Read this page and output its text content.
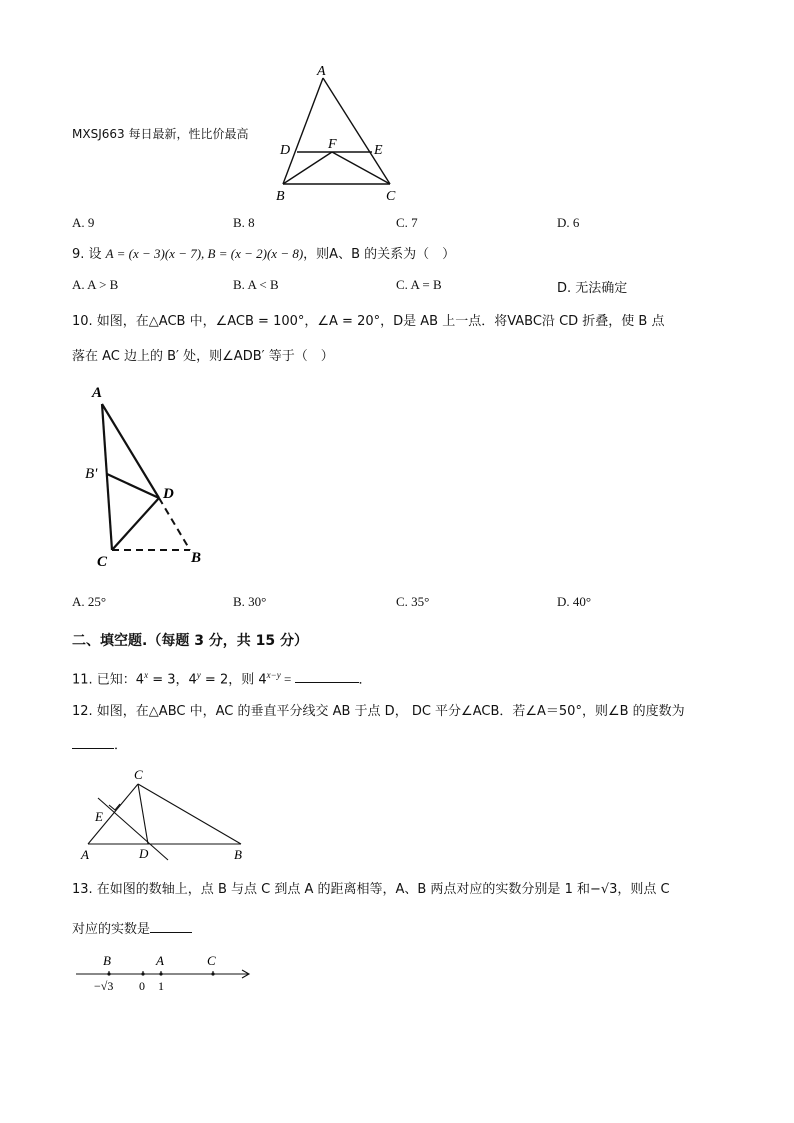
A
D	F	E
B	C
MXSJ663 每日最新，性比价最高
A. 9	B. 8	C. 7	D. 6
9. 设 A = (x − 3)(x − 7), B = (x − 2)(x − 8)，则A、B 的关系为（　）
A. A > B	B. A < B	C. A = B	D. 无法确定
10. 如图，在△ACB 中，∠ACB = 100°，∠A = 20°，D是 AB 上一点．将VABC沿 CD 折叠，使 B 点
落在 AC 边上的 B′ 处，则∠ADB′ 等于（　）
A
B'
D
C	B
A. 25°	B. 30°	C. 35°	D. 40°
二、填空题.（每题 3 分，共 15 分）
11. 已知：$4^x = 3$，$4^y = 2$，则 $4^{x-y}$ =	．
12. 如图，在△ABC 中，AC 的垂直平分线交 AB 于点 D， DC 平分∠ACB．若∠A＝50°，则∠B 的度数为
．
C
E
A	D	B
13. 在如图的数轴上，点 B 与点 C 到点 A 的距离相等，A、B 两点对应的实数分别是 1 和−√3，则点 C
对应的实数是
B	A	C
−√3 0 1
